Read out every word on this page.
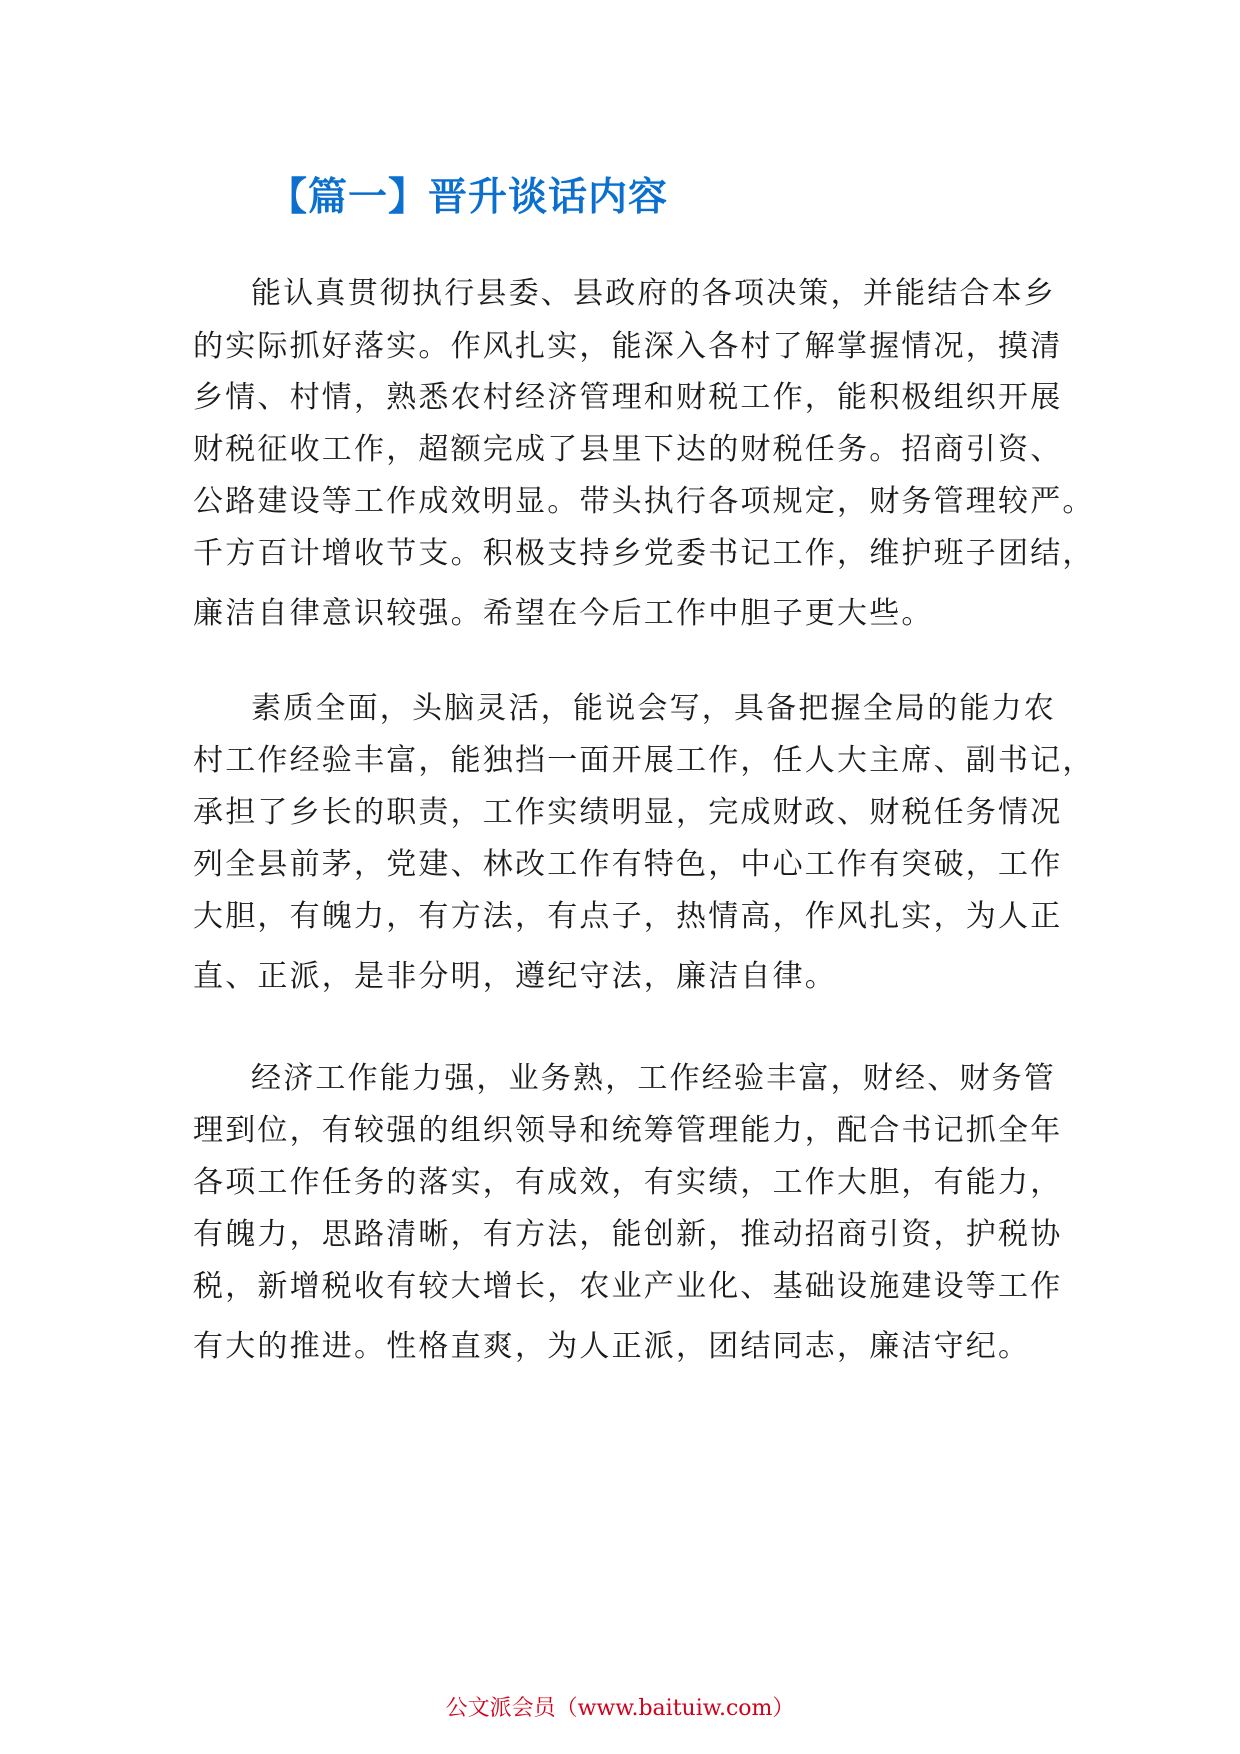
【篇一】晋升谈话内容
能认真贯彻执行县委、县政府的各项决策，并能结合本乡
的实际抓好落实。作风扎实，能深入各村了解掌握情况，摸清
乡情、村情，熟悉农村经济管理和财税工作，能积极组织开展
财税征收工作，超额完成了县里下达的财税任务。招商引资、
公路建设等工作成效明显。带头执行各项规定，财务管理较严。
千方百计增收节支。积极支持乡党委书记工作，维护班子团结，
廉洁自律意识较强。希望在今后工作中胆子更大些。
素质全面，头脑灵活，能说会写，具备把握全局的能力农
村工作经验丰富，能独挡一面开展工作，任人大主席、副书记，
承担了乡长的职责，工作实绩明显，完成财政、财税任务情况
列全县前茅，党建、林改工作有特色，中心工作有突破，工作
大胆，有魄力，有方法，有点子，热情高，作风扎实，为人正
直、正派，是非分明，遵纪守法，廉洁自律。
经济工作能力强，业务熟，工作经验丰富，财经、财务管
理到位，有较强的组织领导和统筹管理能力，配合书记抓全年
各项工作任务的落实，有成效，有实绩，工作大胆，有能力，
有魄力，思路清晰，有方法，能创新，推动招商引资，护税协
税，新增税收有较大增长，农业产业化、基础设施建设等工作
有大的推进。性格直爽，为人正派，团结同志，廉洁守纪。
公文派会员（www.baituiw.com）
